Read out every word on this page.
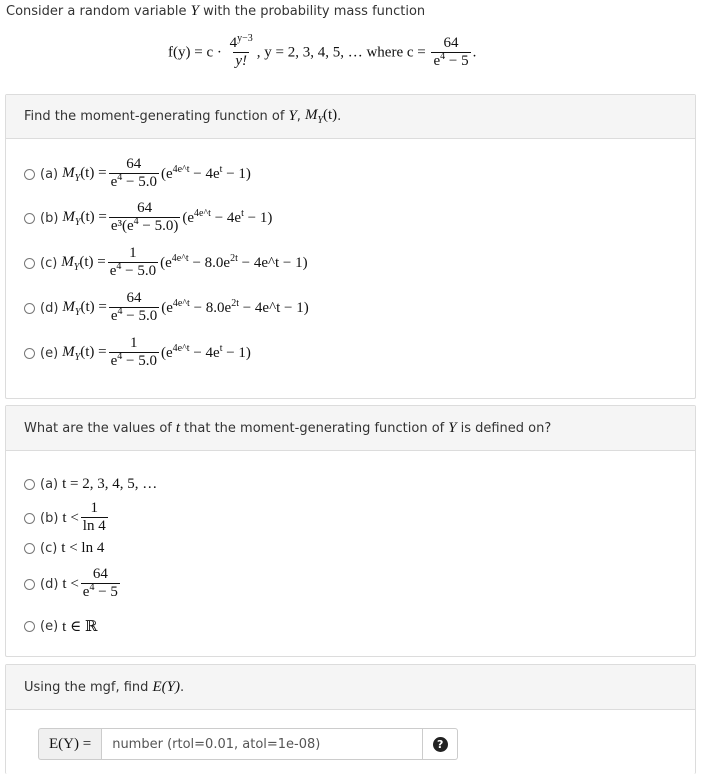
Consider a random variable Y with the probability mass function
$f(y) = c \cdot \frac{4^{y-3}}{y!}$ , y = 2, 3, 4, 5, … where $c = \frac{64}{e^4 - 5}$ .
Find the moment-generating function of Y , $M_Y(t)$ .
(a) $M_Y(t) = \frac{64}{e^4 - 5.0} (e^{4e\^{}t} - 4e^t - 1)$
(b) $M_Y(t) = \frac{64}{e^3(e^4 - 5.0)} (e^{4e\^{}t} - 4e^t - 1)$
(c) $M_Y(t) = \frac{1}{e^4 - 5.0} (e^{4e\^{}t} - 8.0e^{2t}$ − 4e^t − 1)
(d) $M_Y(t) = \frac{64}{e^4 - 5.0} (e^{4e\^{}t} - 8.0e^{2t}$ − 4e^t − 1)
(e) $M_Y(t) = \frac{1}{e^4 - 5.0} (e^{4e\^{}t} - 4e^t - 1)$
What are the values of t that the moment-generating function of Y is defined on?
(a) t = 2, 3, 4, 5, …
(b) $t < \frac{1}{\ln 4}$
(c) t < ln 4
(d) $t < \frac{64}{e^4 - 5}$
(e) t ∈ ℝ
Using the mgf, find E(Y) .
E(Y) =
number (rtol=0.01, atol=1e-08)	?
